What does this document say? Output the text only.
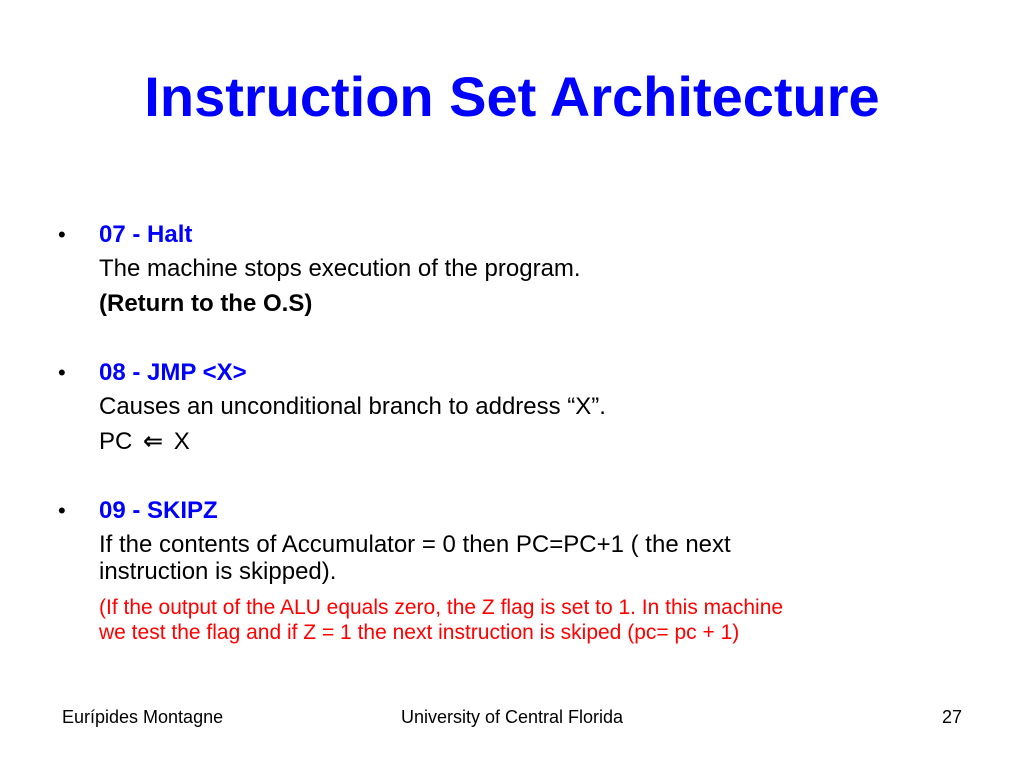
Instruction Set Architecture
• 07 - Halt
The machine stops execution of the program.
(Return to the O.S)
• 08 - JMP <X>
Causes an unconditional branch to address “X”.
PC ⇐ X
• 09 - SKIPZ
If the contents of Accumulator = 0 then PC=PC+1 ( the next
instruction is skipped).
(If the output of the ALU equals zero, the Z flag is set to 1. In this machine
we test the flag and if Z = 1 the next instruction is skiped (pc= pc + 1)
Eurípides Montagne	University of Central Florida	27
